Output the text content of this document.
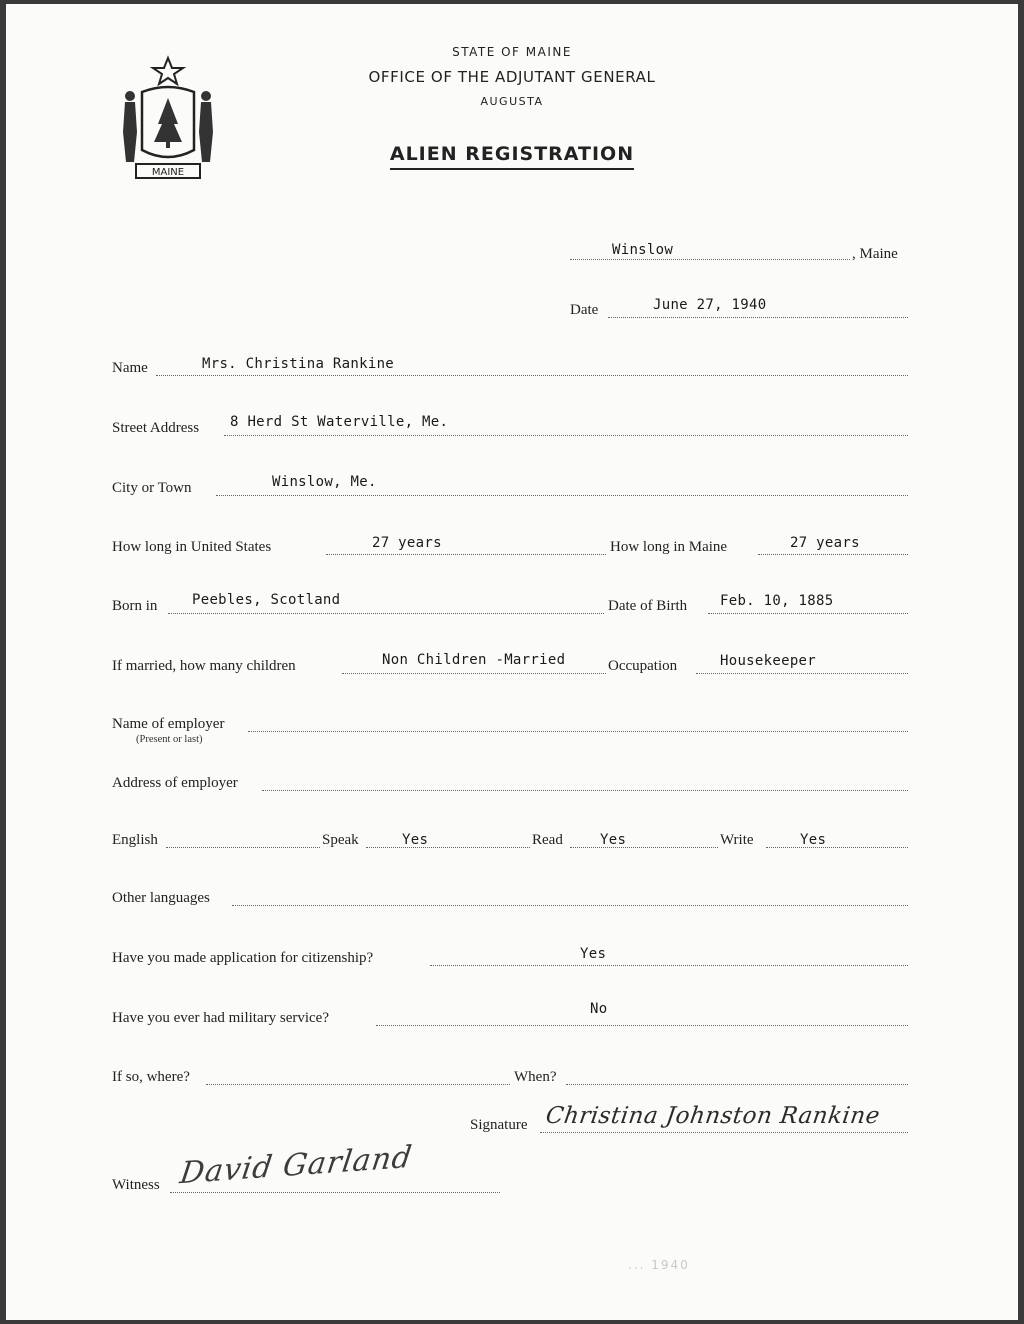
MAINE
STATE OF MAINE
OFFICE OF THE ADJUTANT GENERAL
AUGUSTA
ALIEN REGISTRATION
Winslow	, Maine
Date	June 27, 1940
Name	Mrs. Christina Rankine
Street Address 8 Herd St Waterville, Me.
City or Town	Winslow, Me.
How long in United States	27 years	How long in Maine	27 years
Born in Peebles, Scotland	Date of Birth Feb. 10, 1885
If married, how many children	Non Children -Married	Occupation	Housekeeper
Name of employer
(Present or last)
Address of employer
English	Speak	Yes	Read	Yes	Write	Yes
Other languages
Have you made application for citizenship?	Yes
Have you ever had military service?
No
If so, where?	When?
Signature Christina Johnston Rankine
Witness David Garland
... 1940
